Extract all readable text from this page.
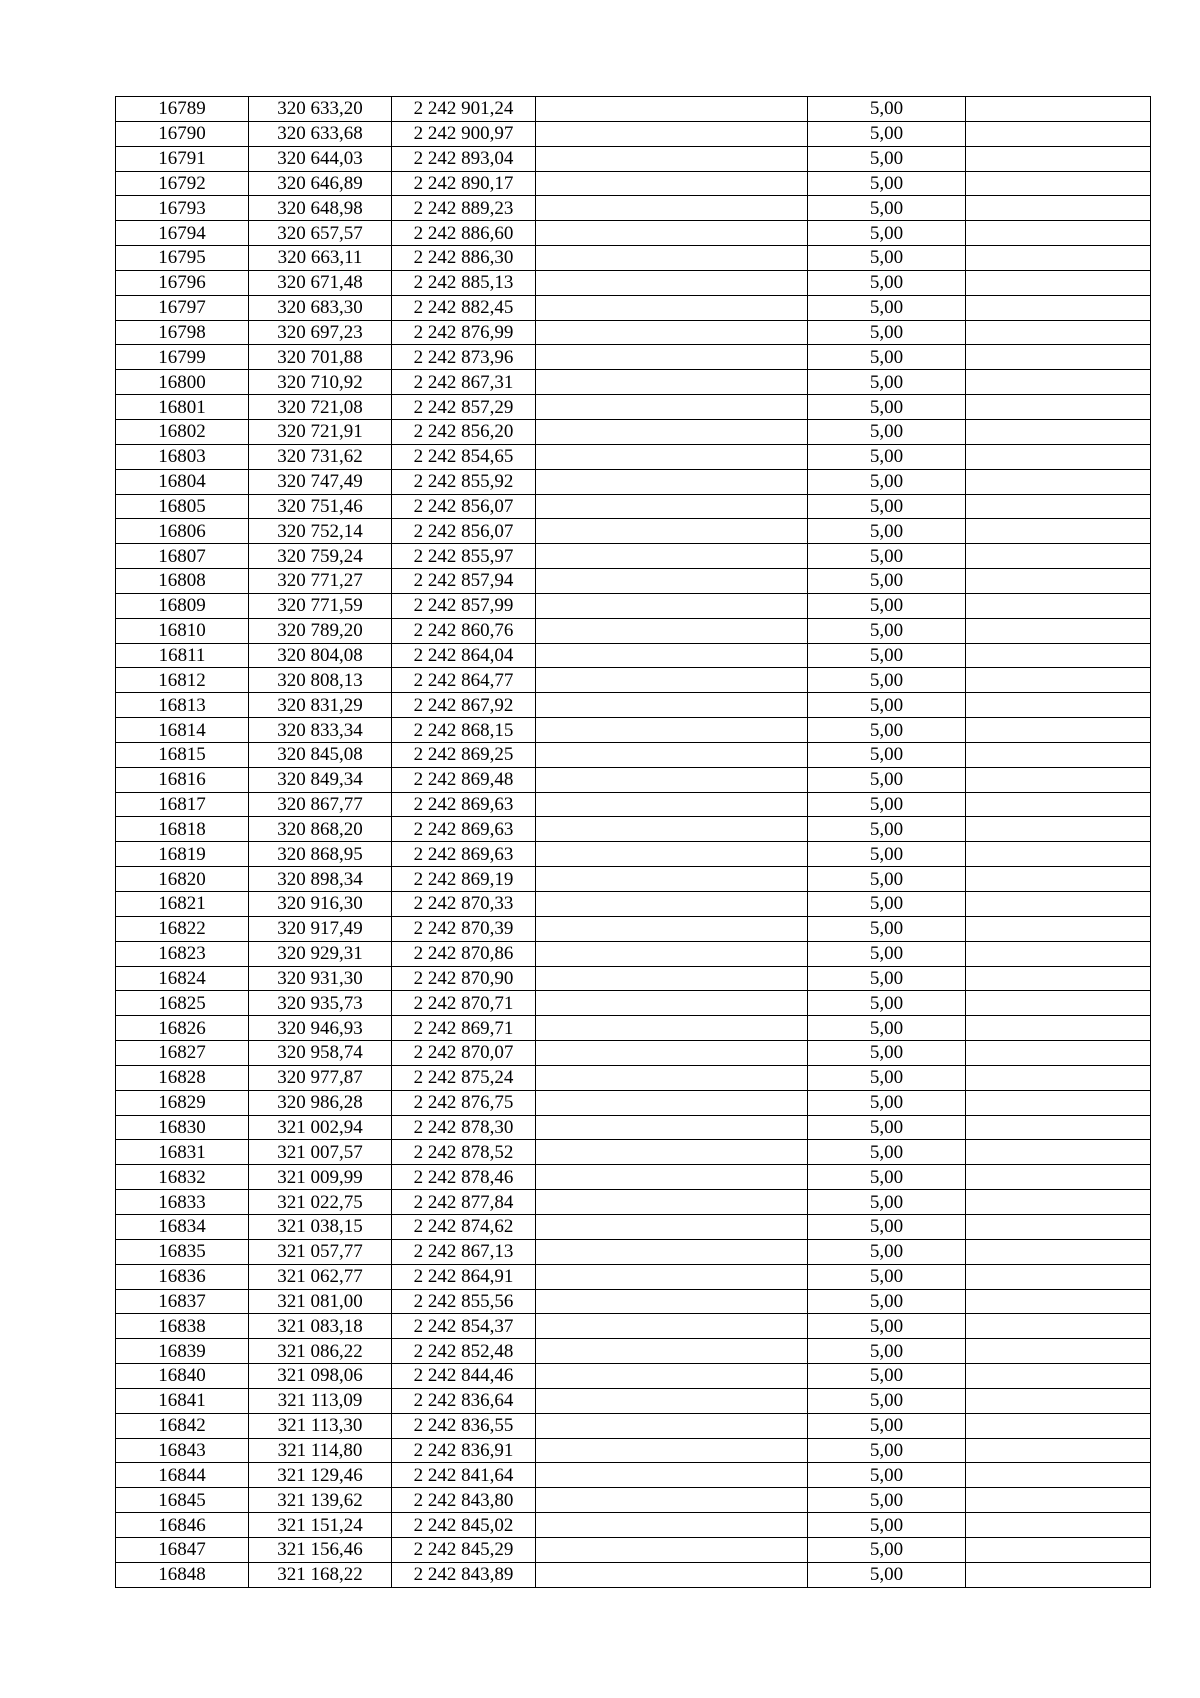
16789	320 633,20	2 242 901,24		5,00	
16790	320 633,68	2 242 900,97		5,00	
16791	320 644,03	2 242 893,04		5,00	
16792	320 646,89	2 242 890,17		5,00	
16793	320 648,98	2 242 889,23		5,00	
16794	320 657,57	2 242 886,60		5,00	
16795	320 663,11	2 242 886,30		5,00	
16796	320 671,48	2 242 885,13		5,00	
16797	320 683,30	2 242 882,45		5,00	
16798	320 697,23	2 242 876,99		5,00	
16799	320 701,88	2 242 873,96		5,00	
16800	320 710,92	2 242 867,31		5,00	
16801	320 721,08	2 242 857,29		5,00	
16802	320 721,91	2 242 856,20		5,00	
16803	320 731,62	2 242 854,65		5,00	
16804	320 747,49	2 242 855,92		5,00	
16805	320 751,46	2 242 856,07		5,00	
16806	320 752,14	2 242 856,07		5,00	
16807	320 759,24	2 242 855,97		5,00	
16808	320 771,27	2 242 857,94		5,00	
16809	320 771,59	2 242 857,99		5,00	
16810	320 789,20	2 242 860,76		5,00	
16811	320 804,08	2 242 864,04		5,00	
16812	320 808,13	2 242 864,77		5,00	
16813	320 831,29	2 242 867,92		5,00	
16814	320 833,34	2 242 868,15		5,00	
16815	320 845,08	2 242 869,25		5,00	
16816	320 849,34	2 242 869,48		5,00	
16817	320 867,77	2 242 869,63		5,00	
16818	320 868,20	2 242 869,63		5,00	
16819	320 868,95	2 242 869,63		5,00	
16820	320 898,34	2 242 869,19		5,00	
16821	320 916,30	2 242 870,33		5,00	
16822	320 917,49	2 242 870,39		5,00	
16823	320 929,31	2 242 870,86		5,00	
16824	320 931,30	2 242 870,90		5,00	
16825	320 935,73	2 242 870,71		5,00	
16826	320 946,93	2 242 869,71		5,00	
16827	320 958,74	2 242 870,07		5,00	
16828	320 977,87	2 242 875,24		5,00	
16829	320 986,28	2 242 876,75		5,00	
16830	321 002,94	2 242 878,30		5,00	
16831	321 007,57	2 242 878,52		5,00	
16832	321 009,99	2 242 878,46		5,00	
16833	321 022,75	2 242 877,84		5,00	
16834	321 038,15	2 242 874,62		5,00	
16835	321 057,77	2 242 867,13		5,00	
16836	321 062,77	2 242 864,91		5,00	
16837	321 081,00	2 242 855,56		5,00	
16838	321 083,18	2 242 854,37		5,00	
16839	321 086,22	2 242 852,48		5,00	
16840	321 098,06	2 242 844,46		5,00	
16841	321 113,09	2 242 836,64		5,00	
16842	321 113,30	2 242 836,55		5,00	
16843	321 114,80	2 242 836,91		5,00	
16844	321 129,46	2 242 841,64		5,00	
16845	321 139,62	2 242 843,80		5,00	
16846	321 151,24	2 242 845,02		5,00	
16847	321 156,46	2 242 845,29		5,00	
16848	321 168,22	2 242 843,89		5,00	
